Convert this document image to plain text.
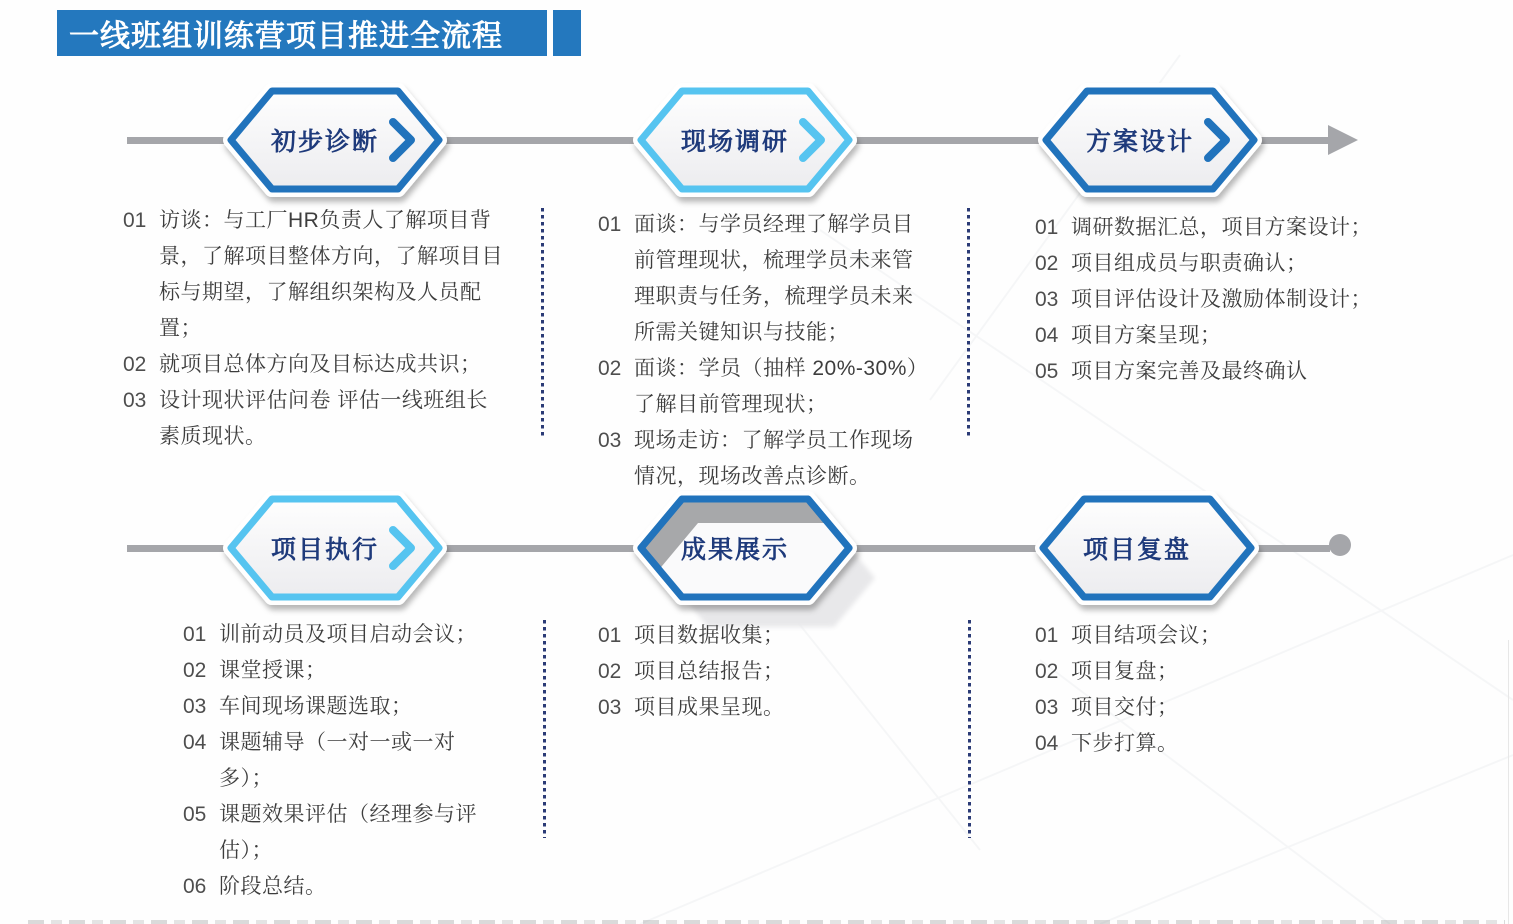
一线班组训练营项目推进全流程
初步诊断	现场调研	方案设计
项目执行	成果展示	项目复盘
01 访谈：与工厂HR负责人了解项目背景，了解项目整体方向，了解项目目标与期望，了解组织架构及人员配置；
02 就项目总体方向及目标达成共识；
03 设计现状评估问卷 评估一线班组长素质现状。
01 面谈：与学员经理了解学员目前管理现状，梳理学员未来管理职责与任务，梳理学员未来所需关键知识与技能；
02 面谈：学员（抽样 20%-30%）了解目前管理现状；
03 现场走访：了解学员工作现场情况，现场改善点诊断。
01 调研数据汇总，项目方案设计；
02 项目组成员与职责确认；
03 项目评估设计及激励体制设计；
04 项目方案呈现；
05 项目方案完善及最终确认
01 训前动员及项目启动会议；
02 课堂授课；
03 车间现场课题选取；
04 课题辅导（一对一或一对多）；
05 课题效果评估（经理参与评估）；
06 阶段总结。
01 项目数据收集；
02 项目总结报告；
03 项目成果呈现。
01 项目结项会议；
02 项目复盘；
03 项目交付；
04 下步打算。
